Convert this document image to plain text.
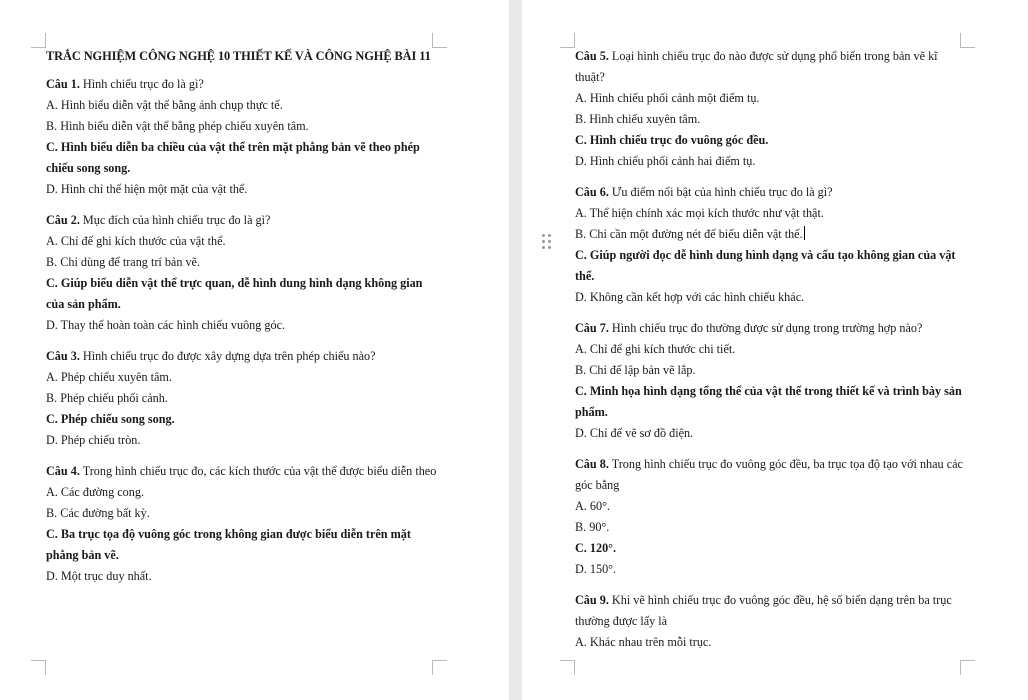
TRẮC NGHIỆM CÔNG NGHỆ 10 THIẾT KẾ VÀ CÔNG NGHỆ BÀI 11
Câu 1. Hình chiếu trục đo là gì?
A. Hình biểu diễn vật thể bằng ảnh chụp thực tế.
B. Hình biểu diễn vật thể bằng phép chiếu xuyên tâm.
C. Hình biểu diễn ba chiều của vật thể trên mặt phẳng bản vẽ theo phép chiếu song song.
D. Hình chỉ thể hiện một mặt của vật thể.
Câu 2. Mục đích của hình chiếu trục đo là gì?
A. Chỉ để ghi kích thước của vật thể.
B. Chỉ dùng để trang trí bản vẽ.
C. Giúp biểu diễn vật thể trực quan, dễ hình dung hình dạng không gian của sản phẩm.
D. Thay thế hoàn toàn các hình chiếu vuông góc.
Câu 3. Hình chiếu trục đo được xây dựng dựa trên phép chiếu nào?
A. Phép chiếu xuyên tâm.
B. Phép chiếu phối cảnh.
C. Phép chiếu song song.
D. Phép chiếu tròn.
Câu 4. Trong hình chiếu trục đo, các kích thước của vật thể được biểu diễn theo
A. Các đường cong.
B. Các đường bất kỳ.
C. Ba trục tọa độ vuông góc trong không gian được biểu diễn trên mặt phẳng bản vẽ.
D. Một trục duy nhất.
Câu 5. Loại hình chiếu trục đo nào được sử dụng phổ biến trong bản vẽ kĩ thuật?
A. Hình chiếu phối cảnh một điểm tụ.
B. Hình chiếu xuyên tâm.
C. Hình chiếu trục đo vuông góc đều.
D. Hình chiếu phối cảnh hai điểm tụ.
Câu 6. Ưu điểm nổi bật của hình chiếu trục đo là gì?
A. Thể hiện chính xác mọi kích thước như vật thật.
B. Chỉ cần một đường nét để biểu diễn vật thể.
C. Giúp người đọc dễ hình dung hình dạng và cấu tạo không gian của vật thể.
D. Không cần kết hợp với các hình chiếu khác.
Câu 7. Hình chiếu trục đo thường được sử dụng trong trường hợp nào?
A. Chỉ để ghi kích thước chi tiết.
B. Chỉ để lập bản vẽ lắp.
C. Minh họa hình dạng tổng thể của vật thể trong thiết kế và trình bày sản phẩm.
D. Chỉ để vẽ sơ đồ điện.
Câu 8. Trong hình chiếu trục đo vuông góc đều, ba trục tọa độ tạo với nhau các góc bằng
A. 60°.
B. 90°.
C. 120°.
D. 150°.
Câu 9. Khi vẽ hình chiếu trục đo vuông góc đều, hệ số biến dạng trên ba trục thường được lấy là
A. Khác nhau trên mỗi trục.
